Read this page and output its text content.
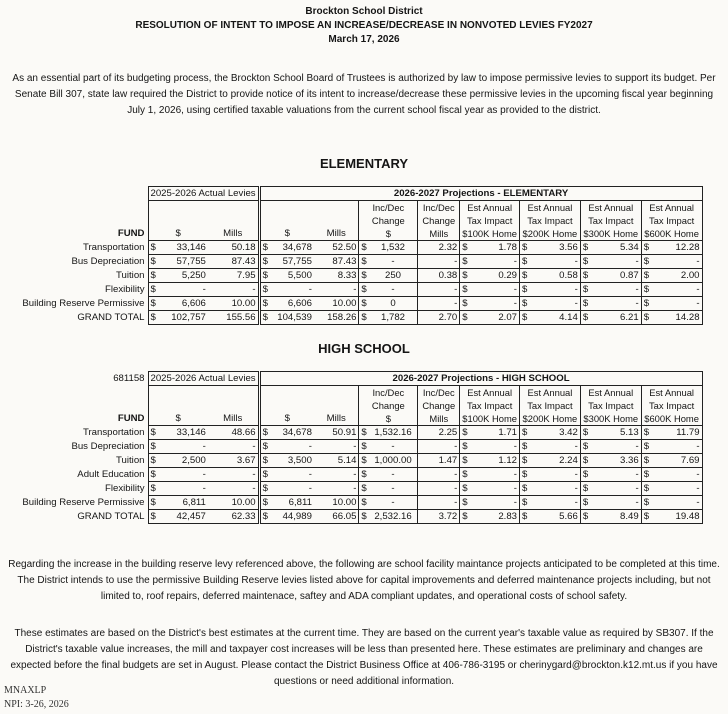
Brockton School District
RESOLUTION OF INTENT TO IMPOSE AN INCREASE/DECREASE IN NONVOTED LEVIES FY2027
March 17, 2026
As an essential part of its budgeting process, the Brockton School Board of Trustees is authorized by law to impose permissive levies to support its budget. Per Senate Bill 307, state law required the District to provide notice of its intent to increase/decrease these permissive levies in the upcoming fiscal year beginning July 1, 2026, using certified taxable valuations from the current school fiscal year as provided to the district.
ELEMENTARY
	2025-2026 Actual Levies			2026-2027 Projections - ELEMENTARY													
							Inc/Dec		Inc/Dec	Est Annual		Est Annual		Est Annual		Est Annual	
							Change		Change	Tax Impact		Tax Impact		Tax Impact		Tax Impact	
FUND	$		Mills	$		Mills	$		Mills	$100K Home		$200K Home		$300K Home		$600K Home	
Transportation	$	33,146	50.18	$	34,678	52.50	$	1,532	2.32	$	1.78	$	3.56	$	5.34	$	12.28
Bus Depreciation	$	57,755	87.43	$	57,755	87.43	$	-	-	$	-	$	-	$	-	$	-
Tuition	$	5,250	7.95	$	5,500	8.33	$	250	0.38	$	0.29	$	0.58	$	0.87	$	2.00
Flexibility	$	-	-	$	-	-	$	-	-	$	-	$	-	$	-	$	-
Building Reserve Permissive	$	6,606	10.00	$	6,606	10.00	$	0	-	$	-	$	-	$	-	$	-
GRAND TOTAL	$	102,757	155.56	$	104,539	158.26	$	1,782	2.70	$	2.07	$	4.14	$	6.21	$	14.28
HIGH SCHOOL
681158	2025-2026 Actual Levies			2026-2027 Projections - HIGH SCHOOL													
							Inc/Dec		Inc/Dec	Est Annual		Est Annual		Est Annual		Est Annual	
							Change		Change	Tax Impact		Tax Impact		Tax Impact		Tax Impact	
FUND	$		Mills	$		Mills	$		Mills	$100K Home		$200K Home		$300K Home		$600K Home	
Transportation	$	33,146	48.66	$	34,678	50.91	$	1,532.16	2.25	$	1.71	$	3.42	$	5.13	$	11.79
Bus Depreciation	$	-	-	$	-	-	$	-	-	$	-	$	-	$	-	$	-
Tuition	$	2,500	3.67	$	3,500	5.14	$	1,000.00	1.47	$	1.12	$	2.24	$	3.36	$	7.69
Adult Education	$	-	-	$	-	-	$	-	-	$	-	$	-	$	-	$	-
Flexibility	$	-	-	$	-	-	$	-	-	$	-	$	-	$	-	$	-
Building Reserve Permissive	$	6,811	10.00	$	6,811	10.00	$	-	-	$	-	$	-	$	-	$	-
GRAND TOTAL	$	42,457	62.33	$	44,989	66.05	$	2,532.16	3.72	$	2.83	$	5.66	$	8.49	$	19.48
Regarding the increase in the building reserve levy referenced above, the following are school facility maintance projects anticipated to be completed at this time. The District intends to use the permissive Building Reserve levies listed above for capital improvements and deferred maintenance projects including, but not limited to, roof repairs, deferred maintenace, saftey and ADA compliant updates, and operational costs of school safety.
These estimates are based on the District's best estimates at the current time. They are based on the current year's taxable value as required by SB307. If the District's taxable value increases, the mill and taxpayer cost increases will be less than presented here. These estimates are preliminary and changes are expected before the final budgets are set in August. Please contact the District Business Office at 406-786-3195 or cherinygard@brockton.k12.mt.us if you have questions or need additional information.
MNAXLP
NPI: 3-26, 2026
